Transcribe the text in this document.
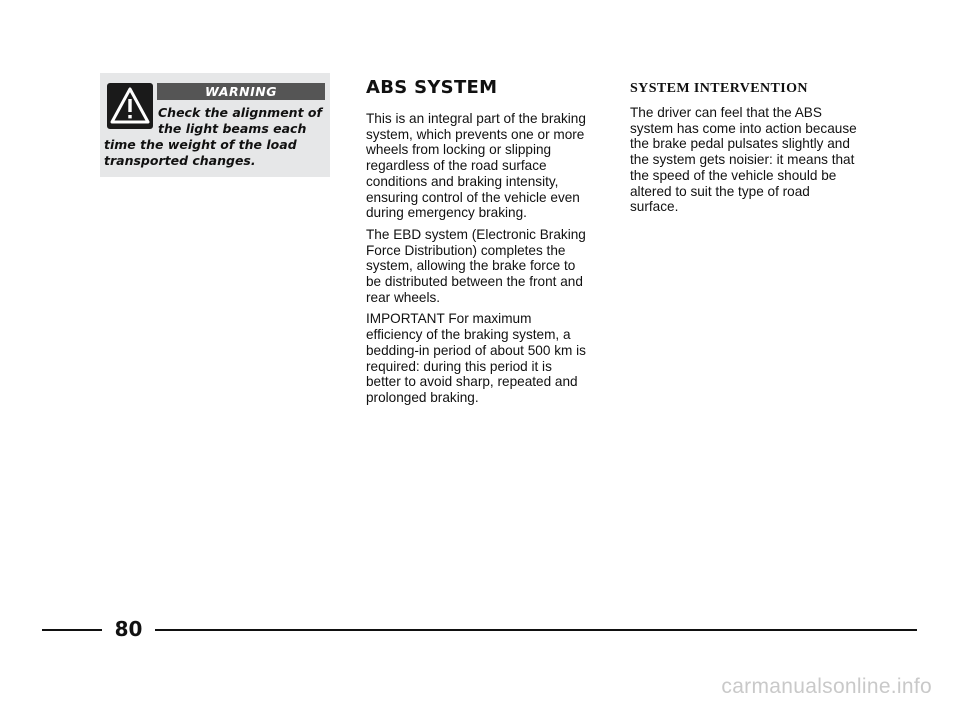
WARNING
Check the alignment of
the light beams each
time the weight of the load
transported changes.
ABS SYSTEM

This is an integral part of the braking
system, which prevents one or more
wheels from locking or slipping
regardless of the road surface
conditions and braking intensity,
ensuring control of the vehicle even
during emergency braking.

The EBD system (Electronic Braking
Force Distribution) completes the
system, allowing the brake force to
be distributed between the front and
rear wheels.

IMPORTANT For maximum
efficiency of the braking system, a
bedding-in period of about 500 km is
required: during this period it is
better to avoid sharp, repeated and
prolonged braking.

SYSTEM INTERVENTION

The driver can feel that the ABS
system has come into action because
the brake pedal pulsates slightly and
the system gets noisier: it means that
the speed of the vehicle should be
altered to suit the type of road
surface.

80
carmanualsonline.info
